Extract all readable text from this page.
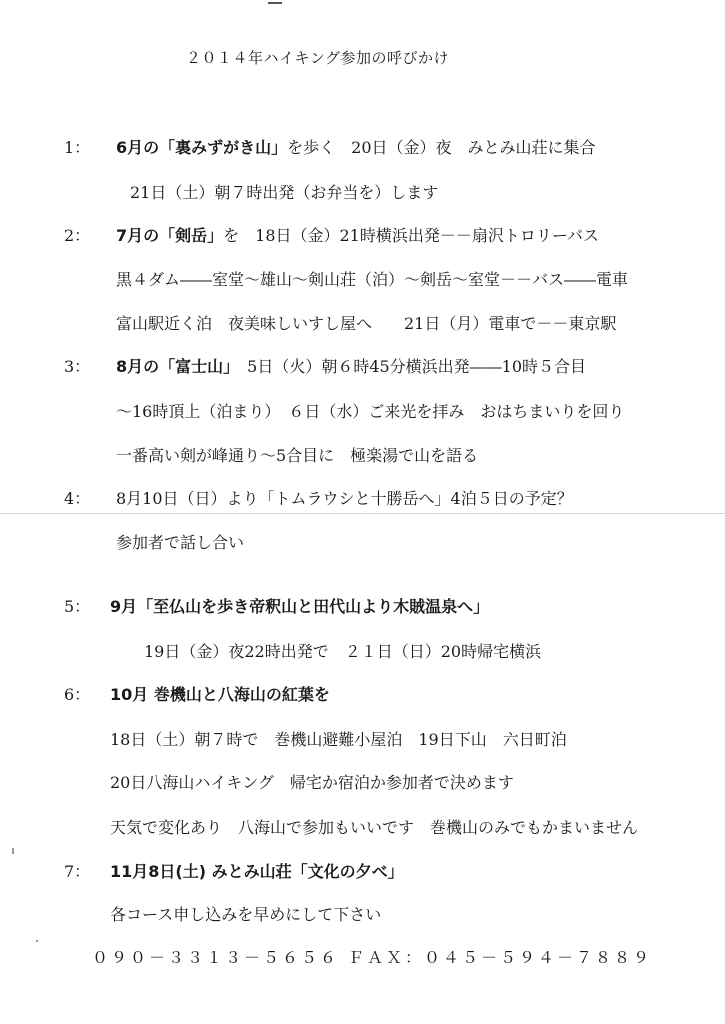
２０１４年ハイキング参加の呼びかけ
1： 6月の「裏みずがき山」を歩く　20日（金）夜　みとみ山荘に集合
21日（土）朝７時出発（お弁当を）します
2： 7月の「剣岳」を　18日（金）21時横浜出発－－扇沢トロリーバス
黒４ダム――室堂～雄山～剣山荘（泊）～剣岳～室堂－－バス――電車
富山駅近く泊　夜美味しいすし屋へ　　21日（月）電車で－－東京駅
3： 8月の「富士山」　5日（火）朝６時45分横浜出発――10時５合目
～16時頂上（泊まり）　６日（水）ご来光を拝み　おはちまいりを回り
一番高い剣が峰通り～5合目に　極楽湯で山を語る
4： 8月10日（日）より「トムラウシと十勝岳へ」4泊５日の予定？
参加者で話し合い
5： 9月「至仏山を歩き帝釈山と田代山より木賊温泉へ」
19日（金）夜22時出発で　２１日（日）20時帰宅横浜
6： 10月 巻機山と八海山の紅葉を
18日（土）朝７時で　巻機山避難小屋泊　19日下山　六日町泊
20日八海山ハイキング　帰宅か宿泊か参加者で決めます
天気で変化あり　八海山で参加もいいです　巻機山のみでもかまいません
7： 11月8日(土) みとみ山荘「文化の夕べ」
各コース申し込みを早めにして下さい
０９０－３３１３－５６５６ ＦＡＸ：０４５－５９４－７８８９
